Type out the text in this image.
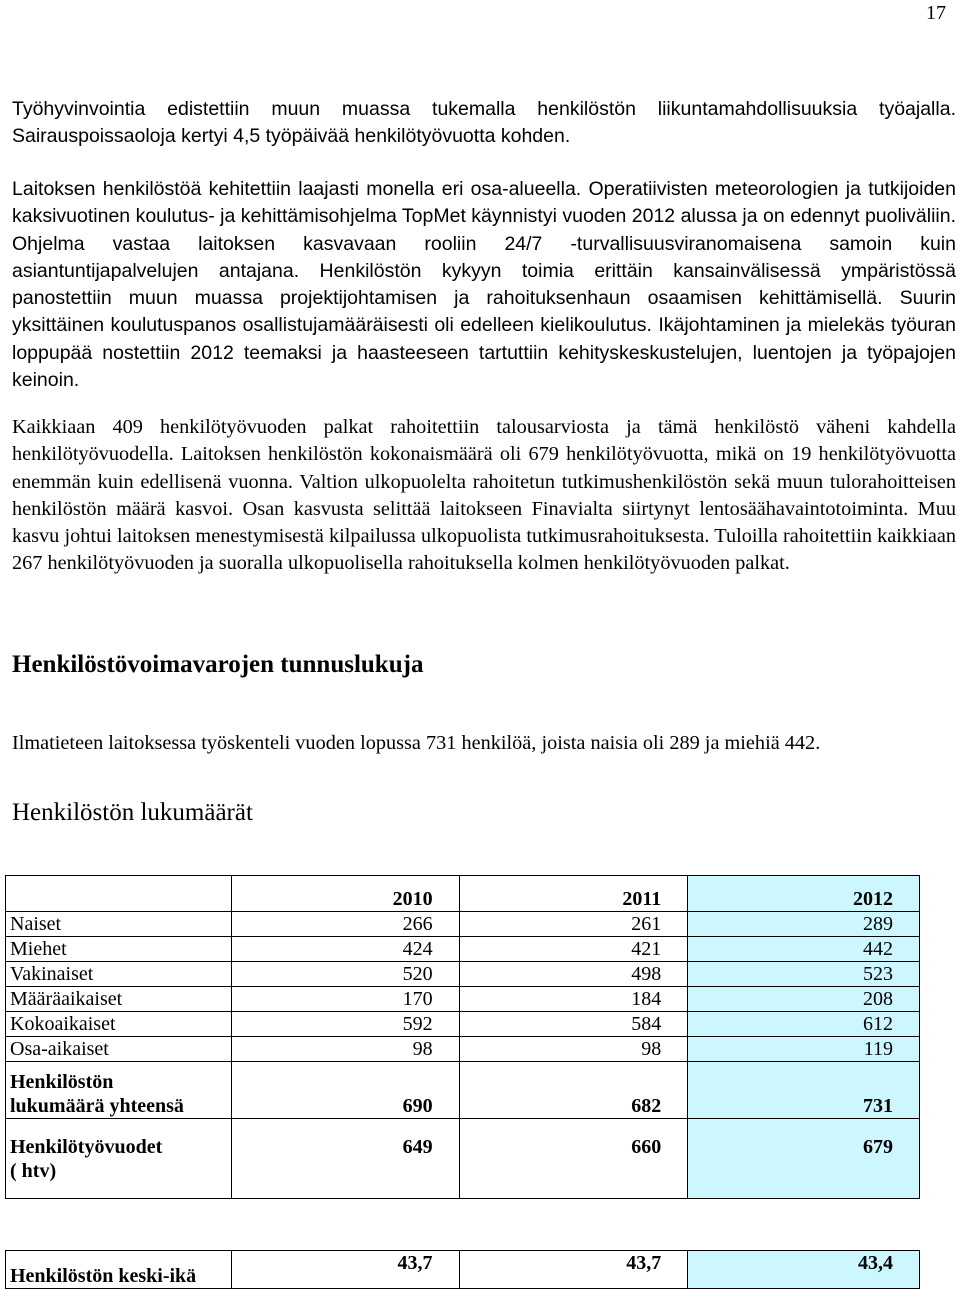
17

Työhyvinvointia edistettiin muun muassa tukemalla henkilöstön liikuntamahdollisuuksia työajalla. Sairauspoissaoloja kertyi 4,5 työpäivää henkilötyövuotta kohden.

Laitoksen henkilöstöä kehitettiin laajasti monella eri osa-alueella. Operatiivisten meteorologien ja tutkijoiden kaksivuotinen koulutus- ja kehittämisohjelma TopMet käynnistyi vuoden 2012 alussa ja on edennyt puoliväliin. Ohjelma vastaa laitoksen kasvavaan rooliin 24/7 -turvallisuusviranomaisena samoin kuin asiantuntijapalvelujen antajana. Henkilöstön kykyyn toimia erittäin kansainvälisessä ympäristössä panostettiin muun muassa projektijohtamisen ja rahoituksenhaun osaamisen kehittämisellä. Suurin yksittäinen koulutuspanos osallistujamääräisesti oli edelleen kielikoulutus. Ikäjohtaminen ja mielekäs työuran loppupää nostettiin 2012 teemaksi ja haasteeseen tartuttiin kehityskeskustelujen, luentojen ja työpajojen keinoin.

Kaikkiaan 409 henkilötyövuoden palkat rahoitettiin talousarviosta ja tämä henkilöstö väheni kahdella henkilötyövuodella. Laitoksen henkilöstön kokonaismäärä oli 679 henkilötyövuotta, mikä on 19 henkilötyövuotta enemmän kuin edellisenä vuonna. Valtion ulkopuolelta rahoitetun tutkimushenkilöstön sekä muun tulorahoitteisen henkilöstön määrä kasvoi. Osan kasvusta selittää laitokseen Finavialta siirtynyt lentosäähavaintotoiminta. Muu kasvu johtui laitoksen menestymisestä kilpailussa ulkopuolista tutkimusrahoituksesta. Tuloilla rahoitettiin kaikkiaan 267 henkilötyövuoden ja suoralla ulkopuolisella rahoituksella kolmen henkilötyövuoden palkat.

Henkilöstövoimavarojen tunnuslukuja

Ilmatieteen laitoksessa työskenteli vuoden lopussa 731 henkilöä, joista naisia oli 289 ja miehiä 442.

Henkilöstön lukumäärät
	2010	2011	2012
Naiset	266	261	289
Miehet	424	421	442
Vakinaiset	520	498	523
Määräaikaiset	170	184	208
Kokoaikaiset	592	584	612
Osa-aikaiset	98	98	119
Henkilöstön
lukumäärä yhteensä	690	682	731
Henkilötyövuodet
( htv)	649	660	679
Henkilöstön keski-ikä	43,7	43,7	43,4
